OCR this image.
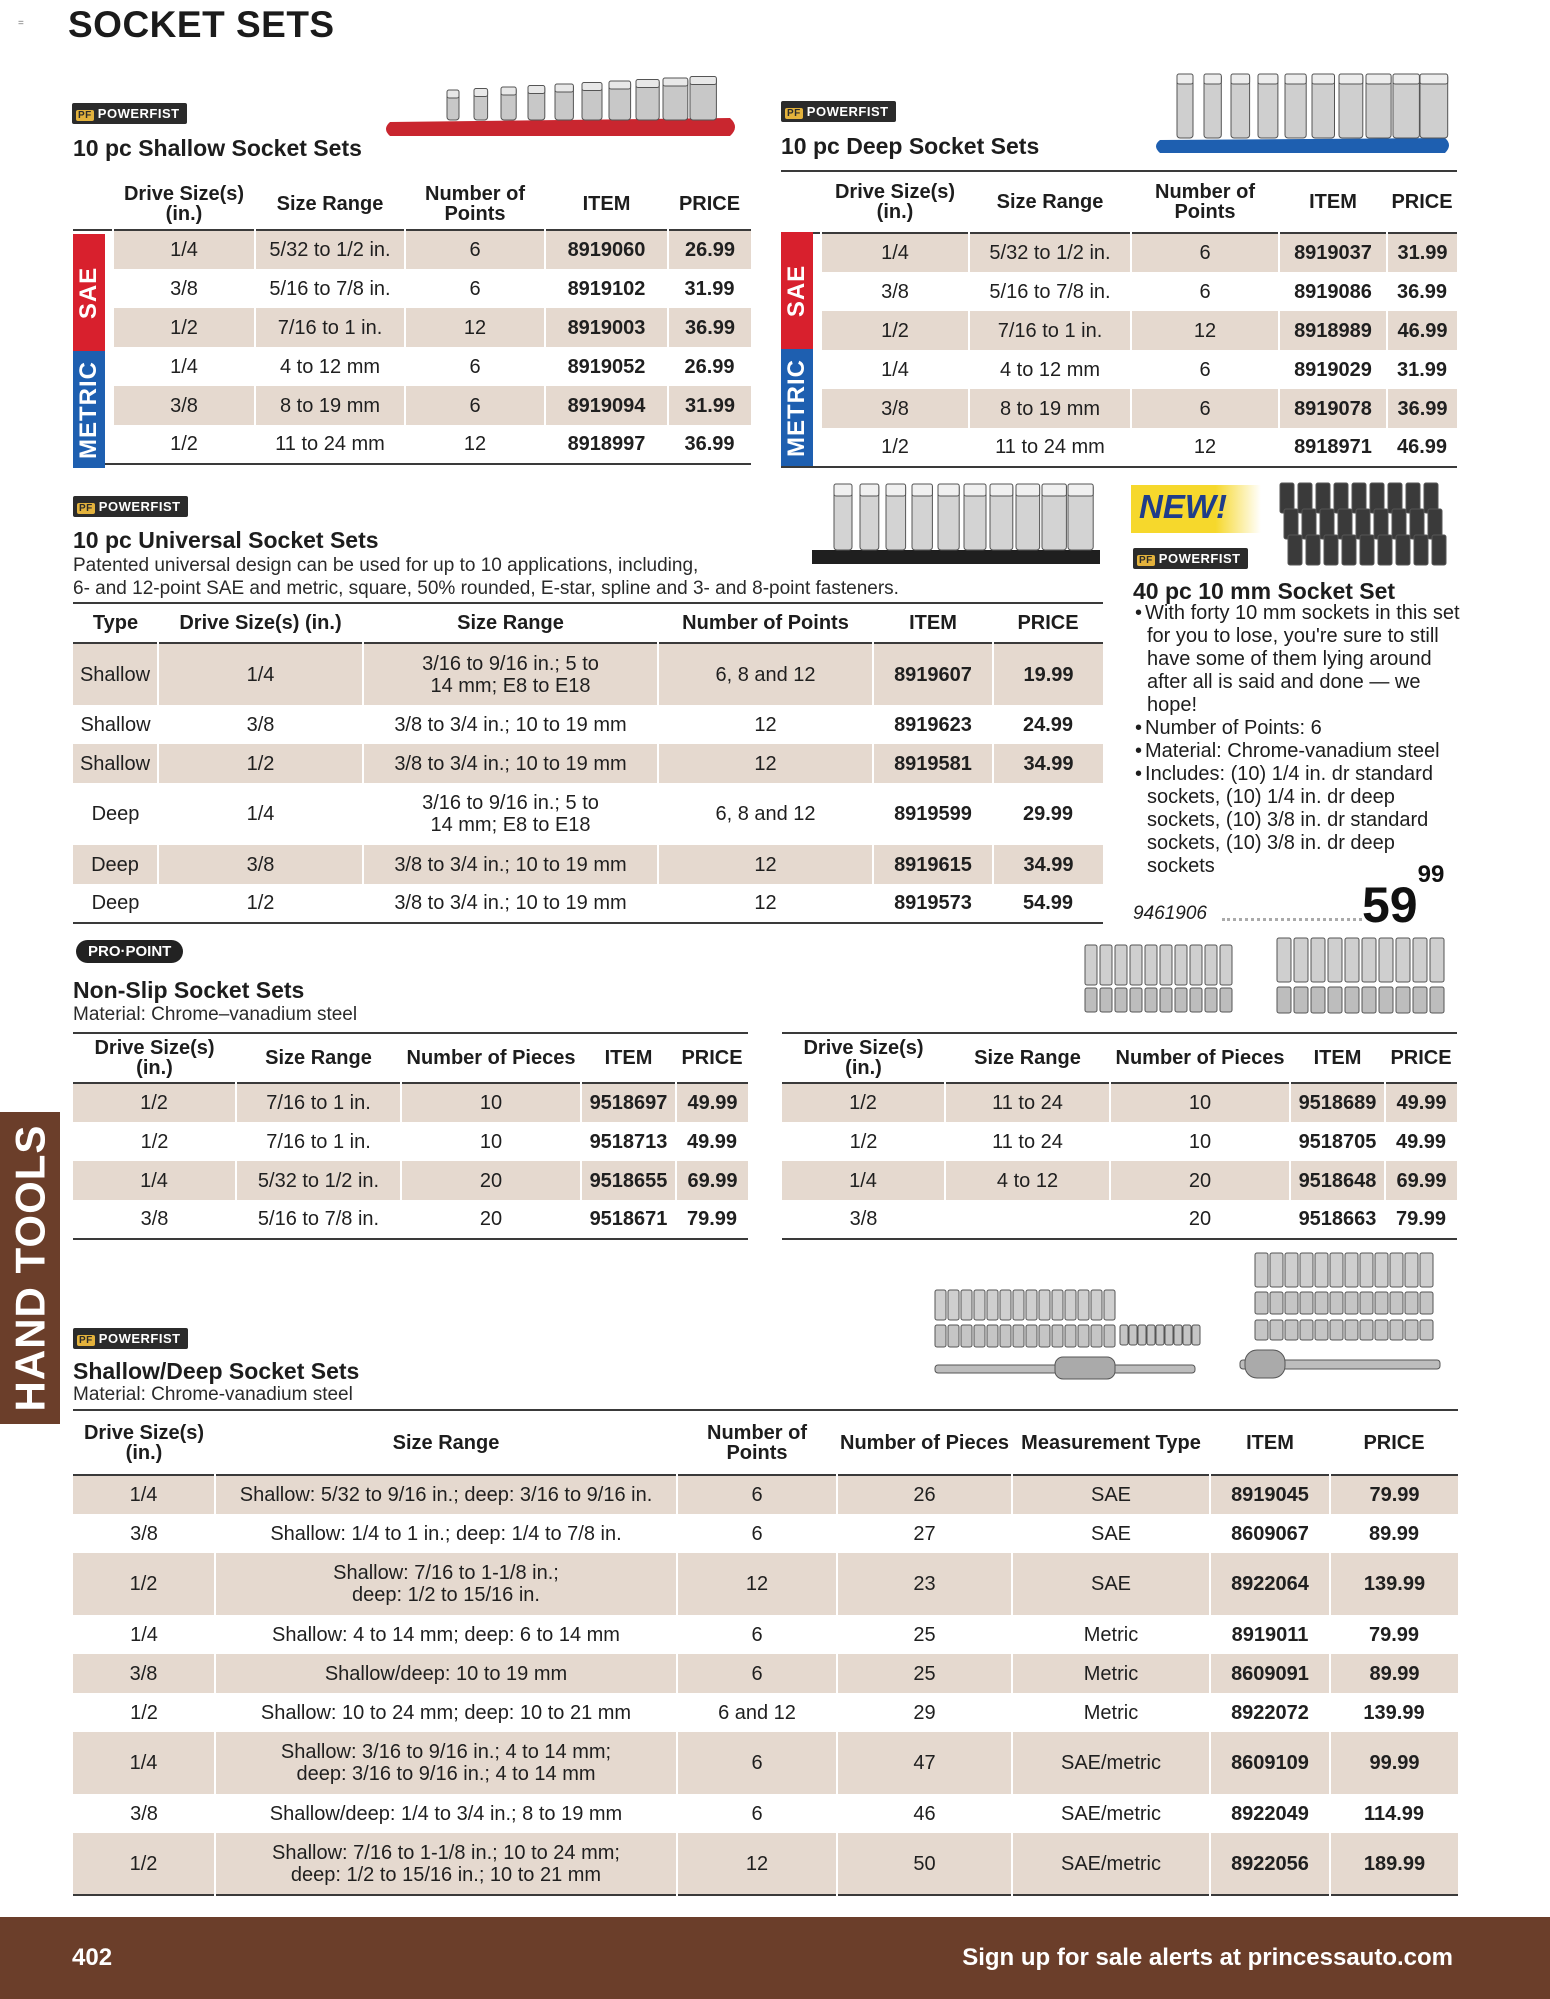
= SOCKET SETS
PF POWERFIST
10 pc Shallow Socket Sets
	Drive Size(s) (in.)	Size Range	Number of Points	ITEM	PRICE
	1/4	5/32 to 1/2 in.	6	8919060	26.99
	3/8	5/16 to 7/8 in.	6	8919102	31.99
	1/2	7/16 to 1 in.	12	8919003	36.99
	1/4	4 to 12 mm	6	8919052	26.99
	3/8	8 to 19 mm	6	8919094	31.99
	1/2	11 to 24 mm	12	8918997	36.99
SAE
METRIC
PF POWERFIST
10 pc Deep Socket Sets
	Drive Size(s) (in.)	Size Range	Number of Points	ITEM	PRICE
	1/4	5/32 to 1/2 in.	6	8919037	31.99
	3/8	5/16 to 7/8 in.	6	8919086	36.99
	1/2	7/16 to 1 in.	12	8918989	46.99
	1/4	4 to 12 mm	6	8919029	31.99
	3/8	8 to 19 mm	6	8919078	36.99
	1/2	11 to 24 mm	12	8918971	46.99
SAE
METRIC
PF POWERFIST
10 pc Universal Socket Sets
Patented universal design can be used for up to 10 applications, including,
6- and 12-point SAE and metric, square, 50% rounded, E-star, spline and 3- and 8-point fasteners.
Type	Drive Size(s) (in.)	Size Range	Number of Points	ITEM	PRICE
Shallow	1/4	3/16 to 9/16 in.; 5 to
14 mm; E8 to E18	6, 8 and 12	8919607	19.99
Shallow	3/8	3/8 to 3/4 in.; 10 to 19 mm	12	8919623	24.99
Shallow	1/2	3/8 to 3/4 in.; 10 to 19 mm	12	8919581	34.99
Deep	1/4	3/16 to 9/16 in.; 5 to
14 mm; E8 to E18	6, 8 and 12	8919599	29.99
Deep	3/8	3/8 to 3/4 in.; 10 to 19 mm	12	8919615	34.99
Deep	1/2	3/8 to 3/4 in.; 10 to 19 mm	12	8919573	54.99
NEW!
PF POWERFIST
40 pc 10 mm Socket Set
• With forty 10 mm sockets in this set for you to lose, you're sure to still have some of them lying around after all is said and done — we hope!
• Number of Points: 6
• Material: Chrome-vanadium steel
• Includes: (10) 1/4 in. dr standard sockets, (10) 1/4 in. dr deep sockets, (10) 3/8 in. dr standard sockets, (10) 3/8 in. dr deep sockets
9461906	$59^{99}$
PRO·POINT
Non-Slip Socket Sets
Material: Chrome–vanadium steel
Drive Size(s) (in.)	Size Range	Number of Pieces	ITEM	PRICE
1/2	7/16 to 1 in.	10	9518697	49.99
1/2	7/16 to 1 in.	10	9518713	49.99
1/4	5/32 to 1/2 in.	20	9518655	69.99
3/8	5/16 to 7/8 in.	20	9518671	79.99
Drive Size(s) (in.)	Size Range	Number of Pieces	ITEM	PRICE
1/2	11 to 24	10	9518689	49.99
1/2	11 to 24	10	9518705	49.99
1/4	4 to 12	20	9518648	69.99
3/8		20	9518663	79.99
HAND TOOLS	PF POWERFIST
Shallow/Deep Socket Sets
Material: Chrome-vanadium steel
Drive Size(s) (in.)	Size Range	Number of Points	Number of Pieces	Measurement Type	ITEM	PRICE
1/4	Shallow: 5/32 to 9/16 in.; deep: 3/16 to 9/16 in.	6	26	SAE	8919045	79.99
3/8	Shallow: 1/4 to 1 in.; deep: 1/4 to 7/8 in.	6	27	SAE	8609067	89.99
1/2	Shallow: 7/16 to 1-1/8 in.;
deep: 1/2 to 15/16 in.	12	23	SAE	8922064	139.99
1/4	Shallow: 4 to 14 mm; deep: 6 to 14 mm	6	25	Metric	8919011	79.99
3/8	Shallow/deep: 10 to 19 mm	6	25	Metric	8609091	89.99
1/2	Shallow: 10 to 24 mm; deep: 10 to 21 mm	6 and 12	29	Metric	8922072	139.99
1/4	Shallow: 3/16 to 9/16 in.; 4 to 14 mm;
deep: 3/16 to 9/16 in.; 4 to 14 mm	6	47	SAE/metric	8609109	99.99
3/8	Shallow/deep: 1/4 to 3/4 in.; 8 to 19 mm	6	46	SAE/metric	8922049	114.99
1/2	Shallow: 7/16 to 1-1/8 in.; 10 to 24 mm;
deep: 1/2 to 15/16 in.; 10 to 21 mm	12	50	SAE/metric	8922056	189.99
402	Sign up for sale alerts at princessauto.com
